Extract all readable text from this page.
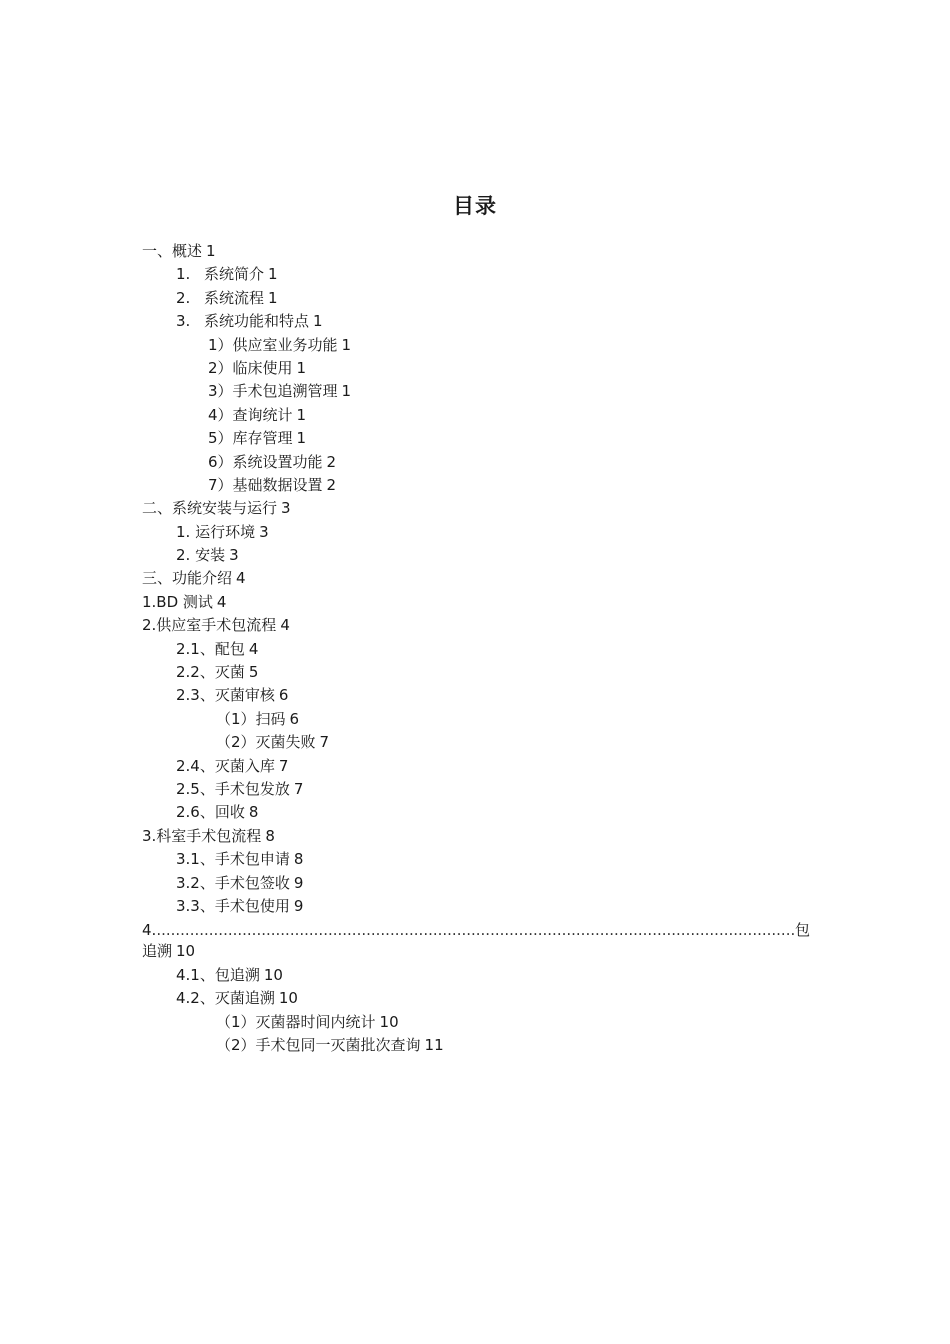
目录
一、概述 1
1. 系统简介 1
2. 系统流程 1
3. 系统功能和特点 1
1）供应室业务功能 1
2）临床使用 1
3）手术包追溯管理 1
4）查询统计 1
5）库存管理 1
6）系统设置功能 2
7）基础数据设置 2
二、系统安装与运行 3
1. 运行环境 3
2. 安装 3
三、功能介绍 4
1.BD 测试 4
2.供应室手术包流程 4
2.1、配包 4
2.2、灭菌 5
2.3、灭菌审核 6
（1）扫码 6
（2）灭菌失败 7
2.4、灭菌入库 7
2.5、手术包发放 7
2.6、回收 8
3.科室手术包流程 8
3.1、手术包申请 8
3.2、手术包签收 9
3.3、手术包使用 9
4.
.....	包
追溯 10
4.1、包追溯 10
4.2、灭菌追溯 10
（1）灭菌器时间内统计 10
（2）手术包同一灭菌批次查询 11
